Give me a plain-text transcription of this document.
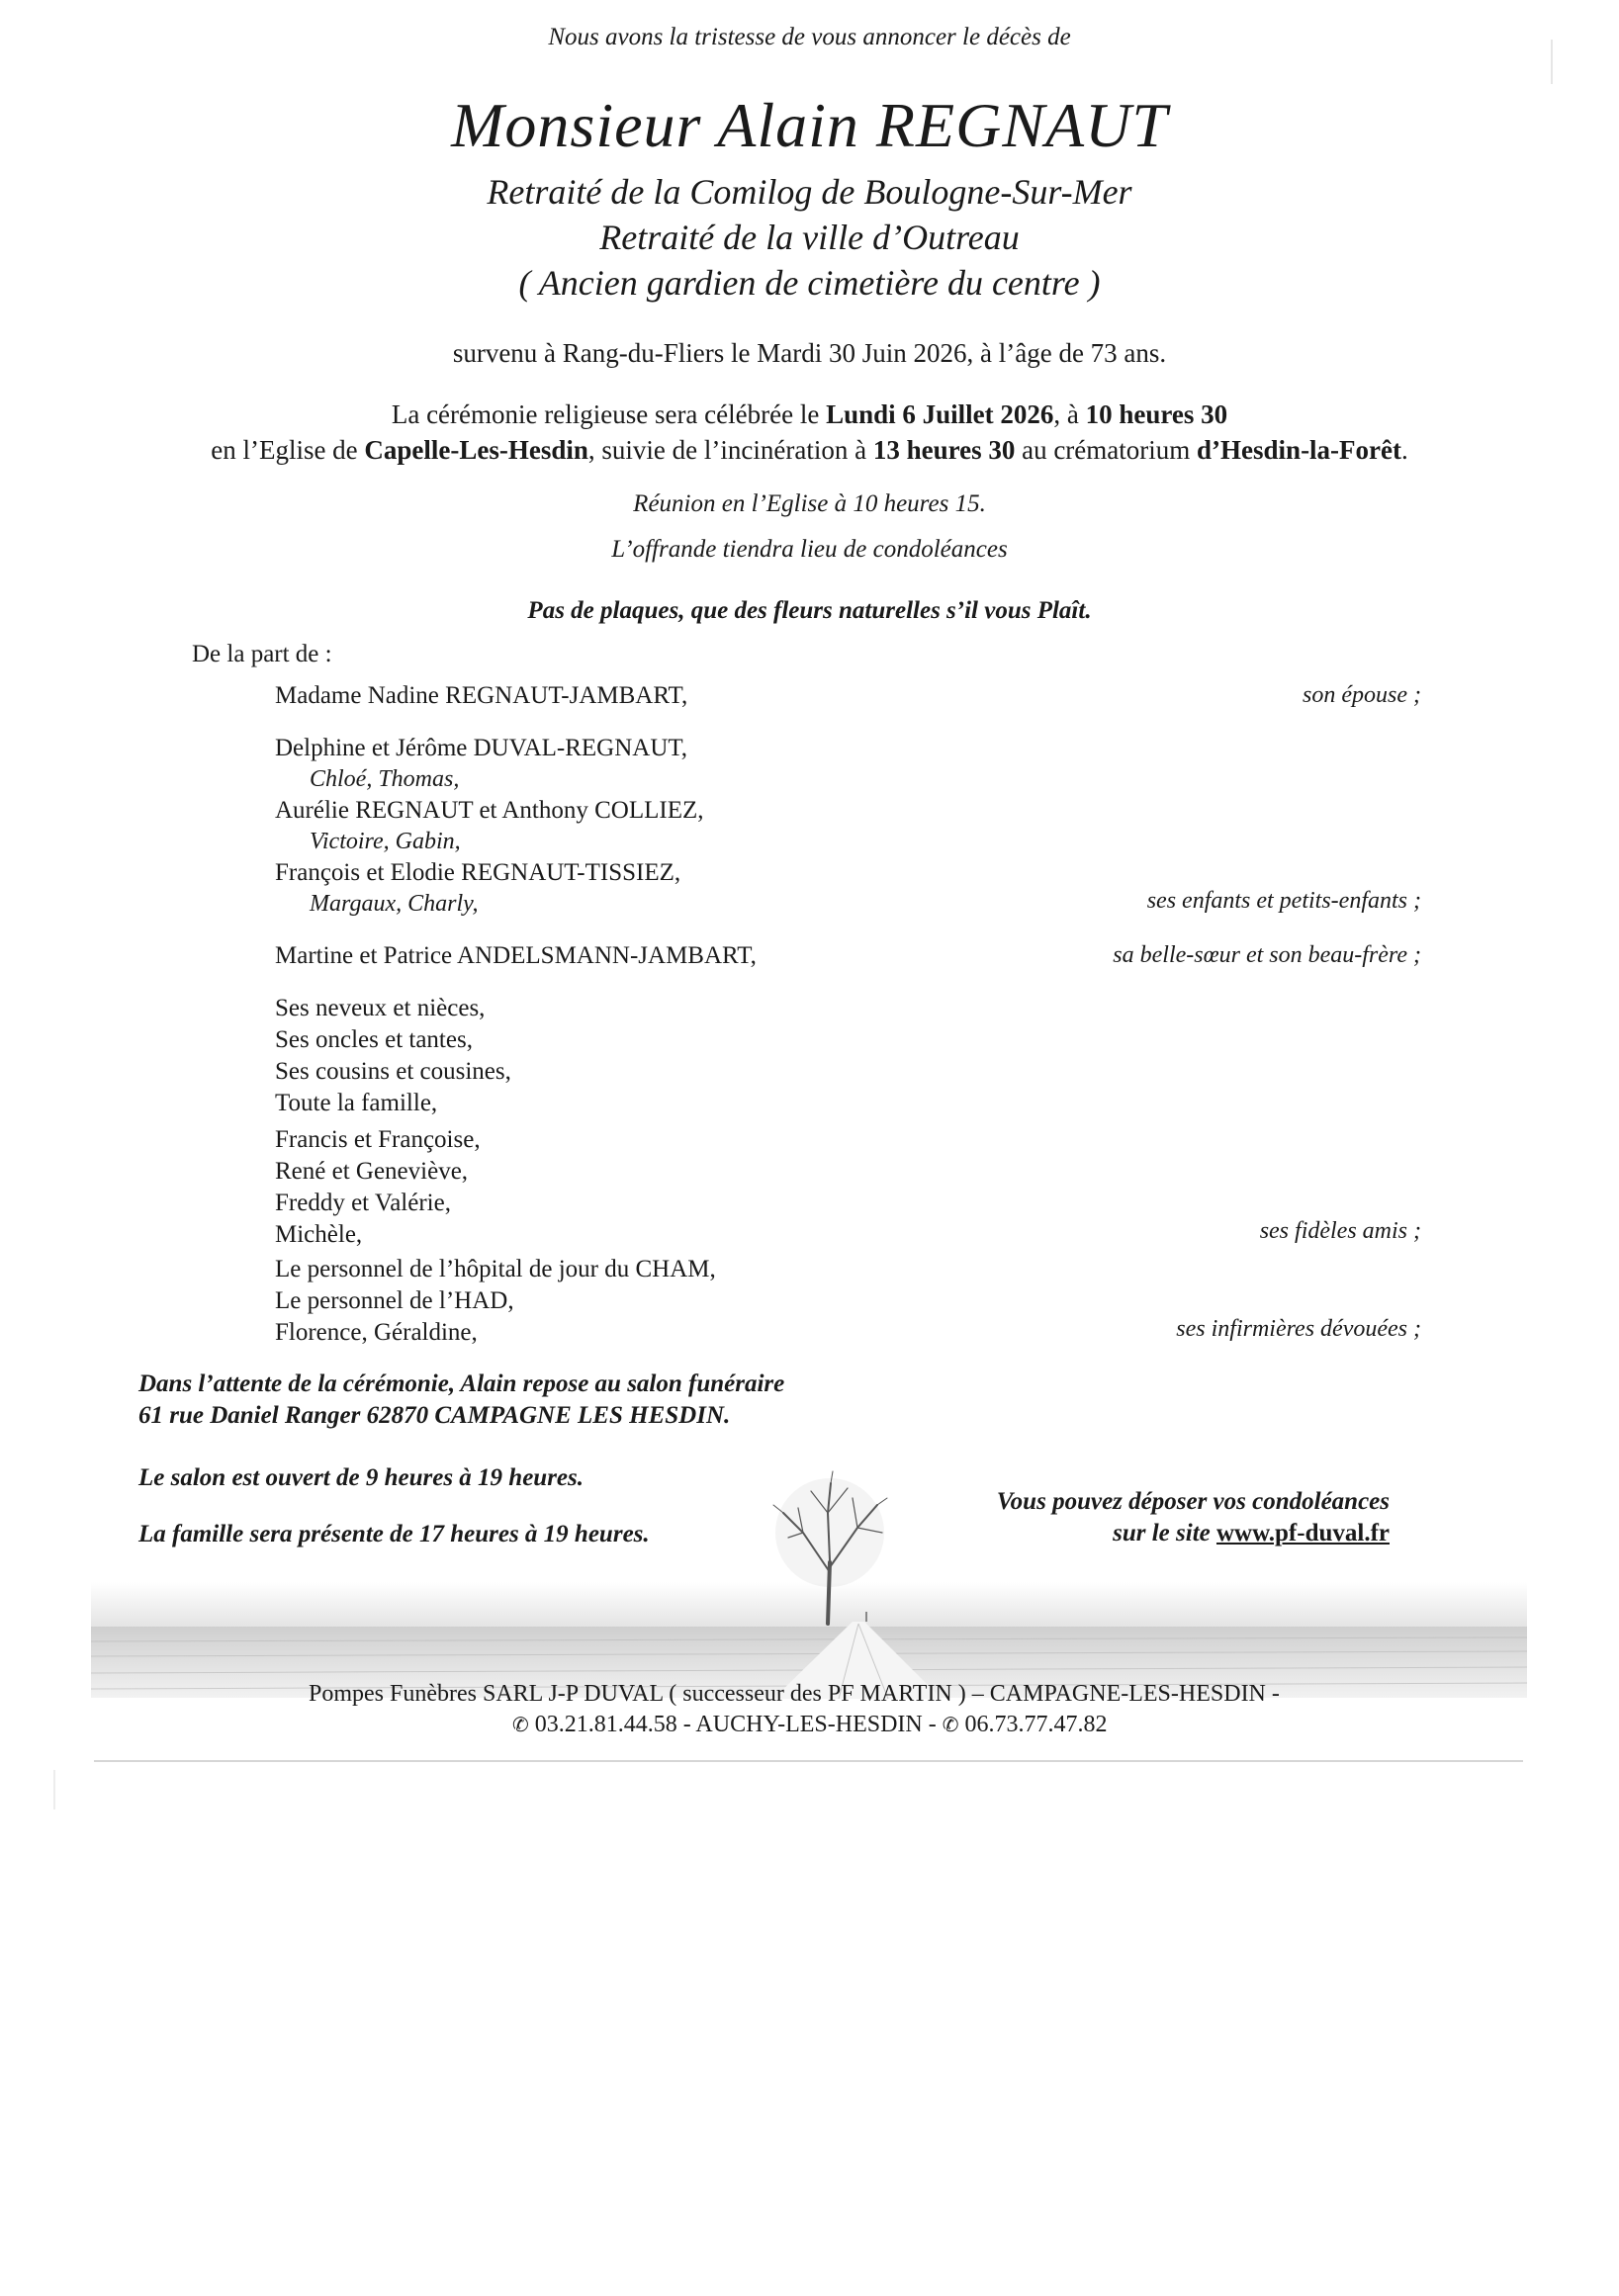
Nous avons la tristesse de vous annoncer le décès de
Monsieur Alain REGNAUT
Retraité de la Comilog de Boulogne-Sur-Mer
Retraité de la ville d’Outreau
( Ancien gardien de cimetière du centre )
survenu à Rang-du-Fliers le Mardi 30 Juin 2026, à l’âge de 73 ans.
La cérémonie religieuse sera célébrée le Lundi 6 Juillet 2026, à 10 heures 30
en l’Eglise de Capelle-Les-Hesdin, suivie de l’incinération à 13 heures 30 au crématorium d’Hesdin-la-Forêt.
Réunion en l’Eglise à 10 heures 15.
L’offrande tiendra lieu de condoléances
Pas de plaques, que des fleurs naturelles s’il vous Plaît.
De la part de :
Madame Nadine REGNAUT-JAMBART,	son épouse ;
Delphine et Jérôme DUVAL-REGNAUT,
Chloé, Thomas,
Aurélie REGNAUT et Anthony COLLIEZ,
Victoire, Gabin,
François et Elodie REGNAUT-TISSIEZ,
Margaux, Charly,	ses enfants et petits-enfants ;
Martine et Patrice ANDELSMANN-JAMBART,	sa belle-sœur et son beau-frère ;
Ses neveux et nièces,
Ses oncles et tantes,
Ses cousins et cousines,
Toute la famille,
Francis et Françoise,
René et Geneviève,
Freddy et Valérie,
Michèle,	ses fidèles amis ;
Le personnel de l’hôpital de jour du CHAM,
Le personnel de l’HAD,
Florence, Géraldine,	ses infirmières dévouées ;
Dans l’attente de la cérémonie, Alain repose au salon funéraire
61 rue Daniel Ranger 62870 CAMPAGNE LES HESDIN.
Le salon est ouvert de 9 heures à 19 heures.
La famille sera présente de 17 heures à 19 heures.
Vous pouvez déposer vos condoléances
sur le site www.pf-duval.fr
Pompes Funèbres SARL J-P DUVAL ( successeur des PF MARTIN ) – CAMPAGNE-LES-HESDIN -
✆ 03.21.81.44.58 - AUCHY-LES-HESDIN - ✆ 06.73.77.47.82
